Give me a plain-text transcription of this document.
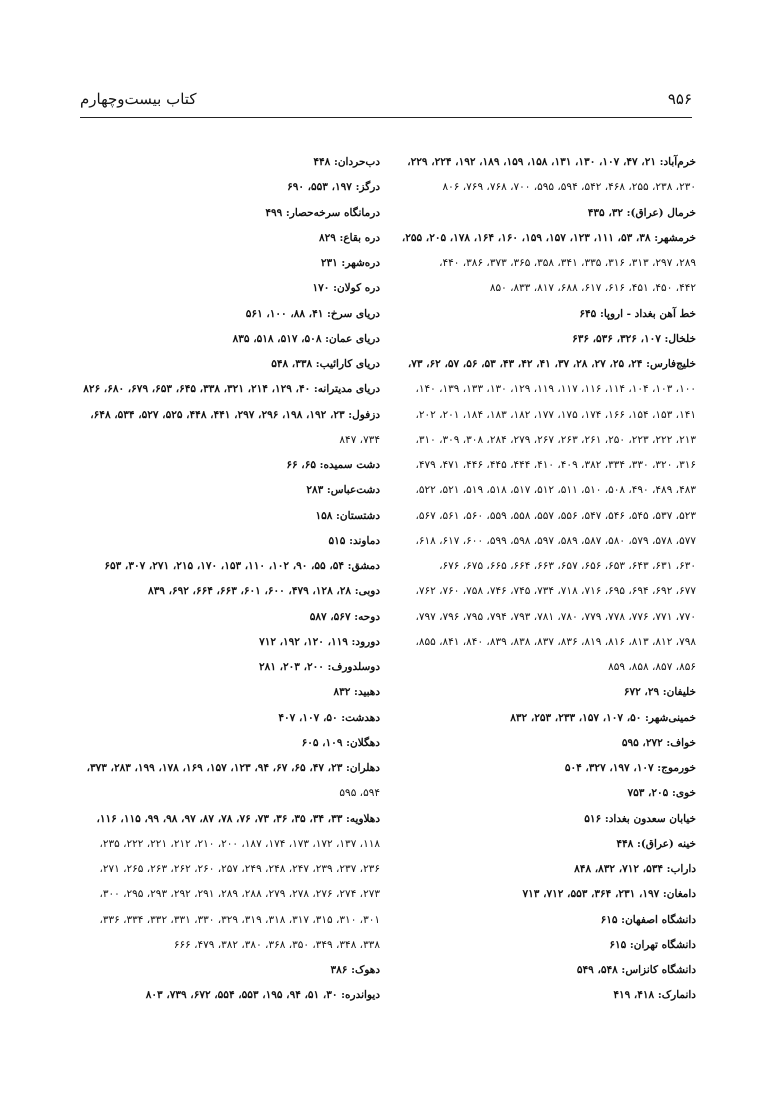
۹۵۶
کتاب بیست‌وچهارم
خرم‌آباد: ۲۱، ۴۷، ۱۰۷، ۱۳۰، ۱۳۱، ۱۵۸، ۱۵۹، ۱۸۹، ۱۹۲، ۲۲۴، ۲۲۹،
۲۳۰، ۲۳۸، ۲۵۵، ۴۶۸، ۵۴۲، ۵۹۴، ۵۹۵، ۷۰۰، ۷۶۸، ۷۶۹، ۸۰۶
خرمال (عراق): ۳۲، ۴۳۵
خرمشهر: ۳۸، ۵۳، ۱۱۱، ۱۲۳، ۱۵۷، ۱۵۹، ۱۶۰، ۱۶۴، ۱۷۸، ۲۰۵، ۲۵۵،
۲۸۹، ۲۹۷، ۳۱۳، ۳۱۶، ۳۳۵، ۳۴۱، ۳۵۸، ۳۶۵، ۳۷۳، ۳۸۶، ۴۴۰،
۴۴۲، ۴۵۰، ۴۵۱، ۶۱۶، ۶۱۷، ۶۸۸، ۸۱۷، ۸۳۳، ۸۵۰
خط آهن بغداد - اروپا: ۶۴۵
خلخال: ۱۰۷، ۳۲۶، ۵۳۶، ۶۳۶
خلیج‌فارس: ۲۴، ۲۵، ۲۷، ۲۸، ۳۷، ۴۱، ۴۲، ۴۳، ۵۳، ۵۶، ۵۷، ۶۲، ۷۳،
۱۰۰، ۱۰۳، ۱۰۴، ۱۱۴، ۱۱۶، ۱۱۷، ۱۱۹، ۱۲۹، ۱۳۰، ۱۳۳، ۱۳۹، ۱۴۰،
۱۴۱، ۱۵۳، ۱۵۴، ۱۶۶، ۱۷۴، ۱۷۵، ۱۷۷، ۱۸۲، ۱۸۳، ۱۸۴، ۲۰۱، ۲۰۲،
۲۱۳، ۲۲۲، ۲۲۳، ۲۵۰، ۲۶۱، ۲۶۳، ۲۶۷، ۲۷۹، ۲۸۴، ۳۰۸، ۳۰۹، ۳۱۰،
۳۱۶، ۳۲۰، ۳۳۰، ۳۳۴، ۳۸۲، ۴۰۹، ۴۱۰، ۴۴۴، ۴۴۵، ۴۴۶، ۴۷۱، ۴۷۹،
۴۸۳، ۴۸۹، ۴۹۰، ۵۰۸، ۵۱۰، ۵۱۱، ۵۱۲، ۵۱۷، ۵۱۸، ۵۱۹، ۵۲۱، ۵۲۲،
۵۲۳، ۵۳۷، ۵۴۵، ۵۴۶، ۵۴۷، ۵۵۶، ۵۵۷، ۵۵۸، ۵۵۹، ۵۶۰، ۵۶۱، ۵۶۷،
۵۷۷، ۵۷۸، ۵۷۹، ۵۸۰، ۵۸۷، ۵۸۹، ۵۹۷، ۵۹۸، ۵۹۹، ۶۰۰، ۶۱۷، ۶۱۸،
۶۳۰، ۶۳۱، ۶۴۳، ۶۵۳، ۶۵۶، ۶۵۷، ۶۶۳، ۶۶۴، ۶۶۵، ۶۷۵، ۶۷۶،
۶۷۷، ۶۹۲، ۶۹۴، ۶۹۵، ۷۱۶، ۷۱۸، ۷۳۴، ۷۴۵، ۷۴۶، ۷۵۸، ۷۶۰، ۷۶۲،
۷۷۰، ۷۷۱، ۷۷۶، ۷۷۸، ۷۷۹، ۷۸۰، ۷۸۱، ۷۹۳، ۷۹۴، ۷۹۵، ۷۹۶، ۷۹۷،
۷۹۸، ۸۱۲، ۸۱۳، ۸۱۶، ۸۱۹، ۸۳۶، ۸۳۷، ۸۳۸، ۸۳۹، ۸۴۰، ۸۴۱، ۸۵۵،
۸۵۶، ۸۵۷، ۸۵۸، ۸۵۹
خلیفان: ۲۹، ۶۷۲
خمینی‌شهر: ۵۰، ۱۰۷، ۱۵۷، ۲۳۳، ۲۵۳، ۸۳۲
خواف: ۲۷۲، ۵۹۵
خورموج: ۱۰۷، ۱۹۷، ۳۲۷، ۵۰۴
خوی: ۲۰۵، ۷۵۳
خیابان سعدون بغداد: ۵۱۶
خینه (عراق): ۴۴۸
داراب: ۵۳۴، ۷۱۲، ۸۳۲، ۸۴۸
دامغان: ۱۹۷، ۲۳۱، ۳۶۴، ۵۵۳، ۷۱۲، ۷۱۳
دانشگاه اصفهان: ۶۱۵
دانشگاه تهران: ۶۱۵
دانشگاه کانزاس: ۵۴۸، ۵۴۹
دانمارک: ۴۱۸، ۴۱۹
دب‌حردان: ۴۴۸
درگز: ۱۹۷، ۵۵۳، ۶۹۰
درمانگاه سرخه‌حصار: ۴۹۹
دره بقاع: ۸۲۹
دره‌شهر: ۲۳۱
دره کولان: ۱۷۰
دریای سرخ: ۴۱، ۸۸، ۱۰۰، ۵۶۱
دریای عمان: ۵۰۸، ۵۱۷، ۵۱۸، ۸۳۵
دریای کارائیب: ۳۳۸، ۵۴۸
دریای مدیترانه: ۴۰، ۱۲۹، ۲۱۴، ۳۲۱، ۳۳۸، ۶۴۵، ۶۵۳، ۶۷۹، ۶۸۰، ۸۲۶
دزفول: ۲۳، ۱۹۲، ۱۹۸، ۲۹۶، ۲۹۷، ۴۴۱، ۴۴۸، ۵۲۵، ۵۲۷، ۵۳۴، ۶۴۸،
۷۳۴، ۸۴۷
دشت سمیده: ۶۵، ۶۶
دشت‌عباس: ۲۸۳
دشتستان: ۱۵۸
دماوند: ۵۱۵
دمشق: ۵۴، ۵۵، ۹۰، ۱۰۲، ۱۱۰، ۱۵۳، ۱۷۰، ۲۱۵، ۲۷۱، ۳۰۷، ۶۵۳
دوبی: ۲۸، ۱۲۸، ۴۷۹، ۶۰۰، ۶۰۱، ۶۶۳، ۶۶۴، ۶۹۲، ۸۳۹
دوحه: ۵۶۷، ۵۸۷
دورود: ۱۱۹، ۱۲۰، ۱۹۲، ۷۱۲
دوسلدورف: ۲۰۰، ۲۰۳، ۲۸۱
دهبید: ۸۳۲
دهدشت: ۵۰، ۱۰۷، ۴۰۷
دهگلان: ۱۰۹، ۶۰۵
دهلران: ۲۳، ۴۷، ۶۵، ۶۷، ۹۴، ۱۲۳، ۱۵۷، ۱۶۹، ۱۷۸، ۱۹۹، ۲۸۳، ۳۷۳،
۵۹۴، ۵۹۵
دهلاویه: ۳۳، ۳۴، ۳۵، ۳۶، ۷۳، ۷۶، ۷۸، ۸۷، ۹۷، ۹۸، ۹۹، ۱۱۵، ۱۱۶،
۱۱۸، ۱۳۷، ۱۷۲، ۱۷۳، ۱۷۴، ۱۸۷، ۲۰۰، ۲۱۰، ۲۱۲، ۲۲۱، ۲۲۲، ۲۳۵،
۲۳۶، ۲۳۷، ۲۳۹، ۲۴۷، ۲۴۸، ۲۴۹، ۲۵۷، ۲۶۰، ۲۶۲، ۲۶۳، ۲۶۵، ۲۷۱،
۲۷۳، ۲۷۴، ۲۷۶، ۲۷۸، ۲۷۹، ۲۸۸، ۲۸۹، ۲۹۱، ۲۹۲، ۲۹۳، ۲۹۵، ۳۰۰،
۳۰۱، ۳۱۰، ۳۱۵، ۳۱۷، ۳۱۸، ۳۱۹، ۳۲۹، ۳۳۰، ۳۳۱، ۳۳۲، ۳۳۴، ۳۳۶،
۳۳۸، ۳۴۸، ۳۴۹، ۳۵۰، ۳۶۸، ۳۸۰، ۳۸۲، ۴۷۹، ۶۶۶
دهوک: ۳۸۶
دیواندره: ۳۰، ۵۱، ۹۴، ۱۹۵، ۵۵۳، ۵۵۴، ۶۷۲، ۷۳۹، ۸۰۳
